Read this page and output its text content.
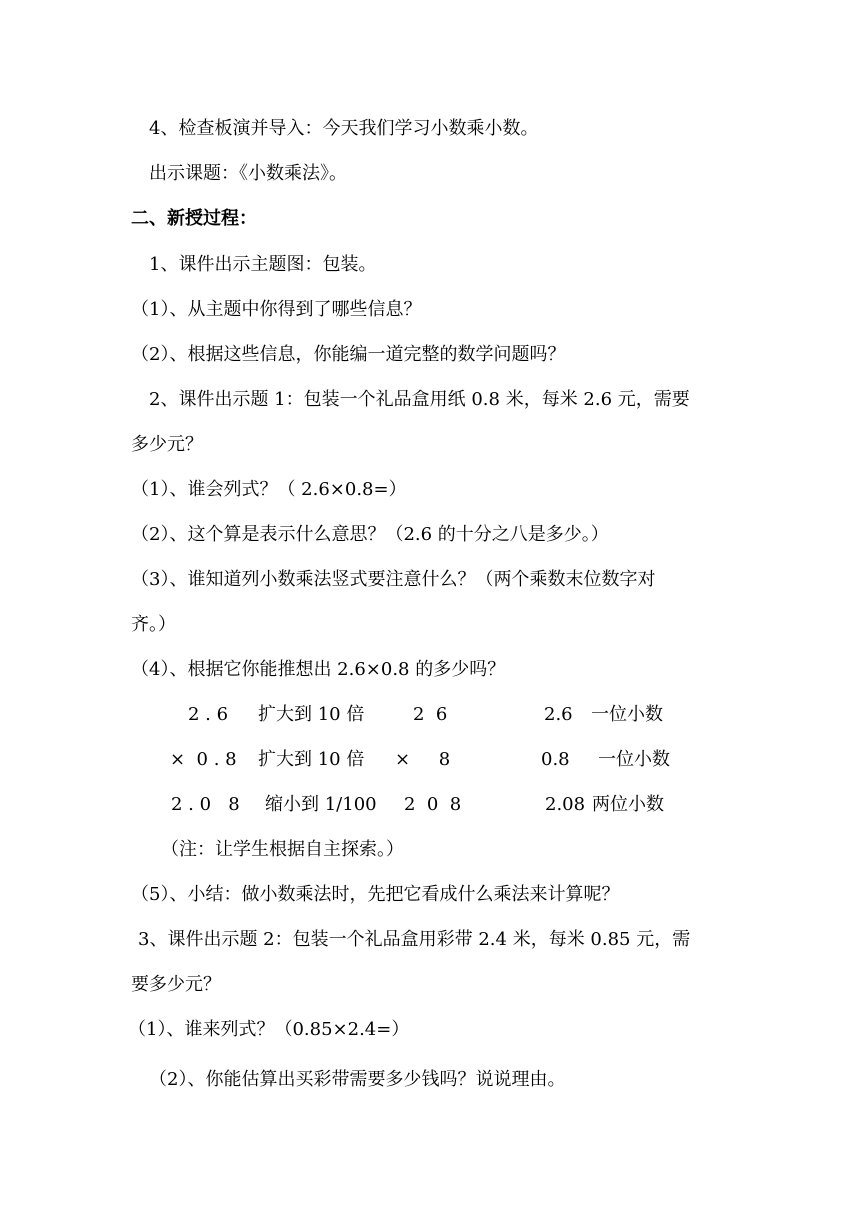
4、检查板演并导入：今天我们学习小数乘小数。
出示课题：《小数乘法》。
二、新授过程：
1、课件出示主题图：包装。
（1）、从主题中你得到了哪些信息？
（2）、根据这些信息，你能编一道完整的数学问题吗？
2、课件出示题 1：包装一个礼品盒用纸 0.8 米，每米 2.6 元，需要
多少元？
（1）、谁会列式？（ 2.6×0.8=）
（2）、这个算是表示什么意思？（2.6 的十分之八是多少。）
（3）、谁知道列小数乘法竖式要注意什么？（两个乘数末位数字对
齐。）
（4）、根据它你能推想出 2.6×0.8 的多少吗？
2 . 6 扩大到 10 倍	2  6	2.6 一位小数
×  0 . 8 扩大到 10 倍 ×     8	0.8 一位小数
2 . 0   8 缩小到 1/100 2  0  8	2.08 两位小数
（注：让学生根据自主探索。）
（5）、小结：做小数乘法时，先把它看成什么乘法来计算呢？
3、课件出示题 2：包装一个礼品盒用彩带 2.4 米，每米 0.85 元，需
要多少元？
（1）、谁来列式？（0.85×2.4=）
（2）、你能估算出买彩带需要多少钱吗？说说理由。
